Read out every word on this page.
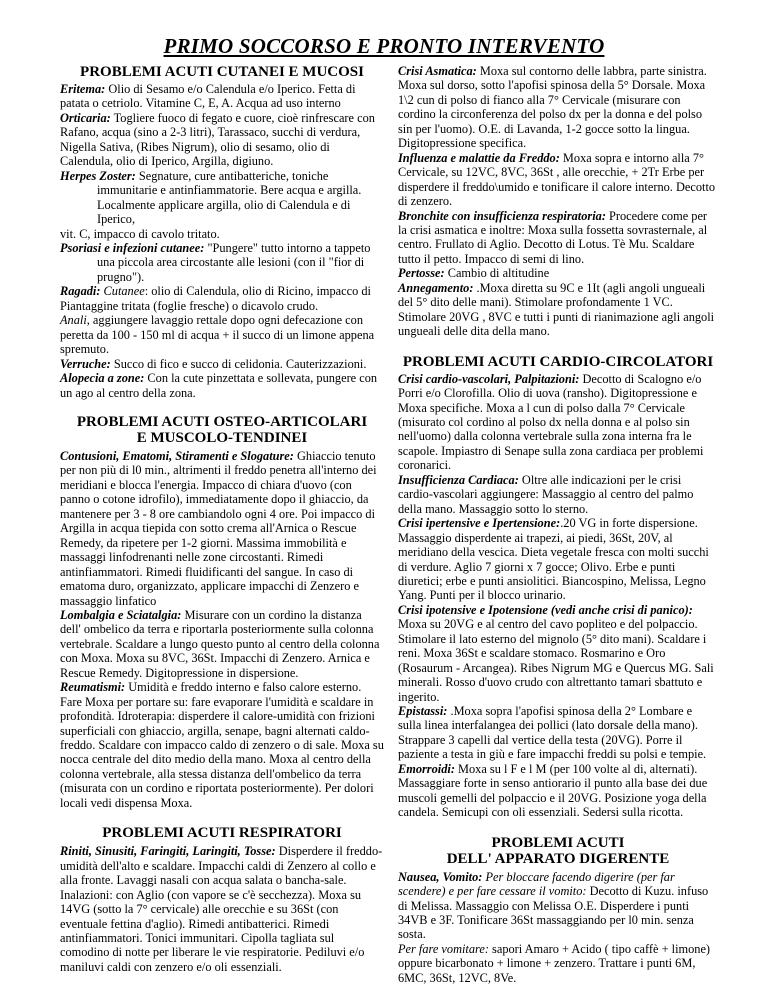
PRIMO SOCCORSO E PRONTO INTERVENTO
PROBLEMI ACUTI CUTANEI E MUCOSI

Eritema: Olio di Sesamo e/o Calendula e/o Iperico. Fetta di patata o cetriolo. Vitamine C, E, A. Acqua ad uso interno

Orticaria: Togliere fuoco di fegato e cuore, cioè rinfrescare con Rafano, acqua (sino a 2-3 litri), Tarassaco, succhi di verdura, Nigella Sativa, (Ribes Nigrum), olio di sesamo, olio di Calendula, olio di Iperico, Argilla, digiuno.

Herpes Zoster: Segnature, cure antibatteriche, toniche

immunitarie e antinfiammatorie. Bere acqua e argilla. Localmente applicare argilla, olio di Calendula e di Iperico,

vit. C, impacco di cavolo tritato.

Psoriasi e infezioni cutanee: "Pungere" tutto intorno a tappeto

una piccola area circostante alle lesioni (con il "fior di prugno").

Ragadi: Cutanee: olio di Calendula, olio di Ricino, impacco di Piantaggine tritata (foglie fresche) o dicavolo crudo.

Anali, aggiungere lavaggio rettale dopo ogni defecazione con peretta da 100 - 150 ml di acqua + il succo di un limone appena spremuto.

Verruche: Succo di fico e succo di celidonia. Cauterizzazioni.

Alopecia a zone: Con la cute pinzettata e sollevata, pungere con un ago al centro della zona.

PROBLEMI ACUTI OSTEO-ARTICOLARI E MUSCOLO-TENDINEI

Contusioni, Ematomi, Stiramenti e Slogature: Ghiaccio tenuto per non più di l0 min., altrimenti il freddo penetra all'interno dei meridiani e blocca l'energia. Impacco di chiara d'uovo (con panno o cotone idrofilo), immediatamente dopo il ghiaccio, da mantenere per 3 - 8 ore cambiandolo ogni 4 ore. Poi impacco di Argilla in acqua tiepida con sotto crema all'Arnica o Rescue Remedy, da ripetere per 1-2 giorni. Massima immobilità e massaggi linfodrenanti nelle zone circostanti. Rimedi antinfiammatori. Rimedi fluidificanti del sangue. In caso di ematoma duro, organizzato, applicare impacchi di Zenzero e massaggio linfatico

Lombalgia e Sciatalgia: Misurare con un cordino la distanza dell' ombelico da terra e riportarla posteriormente sulla colonna vertebrale. Scaldare a lungo questo punto al centro della colonna con Moxa. Moxa su 8VC, 36St. Impacchi di Zenzero. Arnica e Rescue Remedy. Digitopressione in dispersione.

Reumatismi: Umidità e freddo interno e falso calore esterno. Fare Moxa per portare su: fare evaporare l'umidità e scaldare in profondità. Idroterapia: disperdere il calore-umidità con frizioni superficiali con ghiaccio, argilla, senape, bagni alternati caldo-freddo. Scaldare con impacco caldo di zenzero o di sale. Moxa su nocca centrale del dito medio della mano. Moxa al centro della colonna vertebrale, alla stessa distanza dell'ombelico da terra (misurata con un cordino e riportata posteriormente). Per dolori locali vedi dispensa Moxa.

PROBLEMI ACUTI RESPIRATORI

Riniti, Sinusiti, Faringiti, Laringiti, Tosse: Disperdere il freddo-umidità dell'alto e scaldare. Impacchi caldi di Zenzero al collo e alla fronte. Lavaggi nasali con acqua salata o bancha-sale. Inalazioni: con Aglio (con vapore se c'è secchezza). Moxa su 14VG (sotto la 7° cervicale) alle orecchie e su 36St (con eventuale fettina d'aglio). Rimedi antibatterici. Rimedi antinfiammatori. Tonici immunitari. Cipolla tagliata sul comodino di notte per liberare le vie respiratorie. Pediluvi e/o maniluvi caldi con zenzero e/o oli essenziali.

Crisi Asmatica: Moxa sul contorno delle labbra, parte sinistra. Moxa sul dorso, sotto l'apofisi spinosa della 5° Dorsale. Moxa 1\2 cun di polso di fianco alla 7° Cervicale (misurare con cordino la circonferenza del polso dx per la donna e del polso sin per l'uomo). O.E. di Lavanda, 1-2 gocce sotto la lingua. Digitopressione specifica.

Influenza e malattie da Freddo: Moxa sopra e intorno alla 7° Cervicale, su 12VC, 8VC, 36St , alle orecchie, + 2Tr Erbe per disperdere il freddo\umido e tonificare il calore interno. Decotto di zenzero.

Bronchite con insufficienza respiratoria: Procedere come per la crisi asmatica e inoltre: Moxa sulla fossetta sovrasternale, al centro. Frullato di Aglio. Decotto di Lotus. Tè Mu. Scaldare tutto il petto. Impacco di semi di lino.

Pertosse: Cambio di altitudine

Annegamento: .Moxa diretta su 9C e 1It (agli angoli ungueali del 5° dito delle mani). Stimolare profondamente 1 VC. Stimolare 20VG , 8VC e tutti i punti di rianimazione agli angoli ungueali delle dita della mano.

PROBLEMI ACUTI CARDIO-CIRCOLATORI

Crisi cardio-vascolari, Palpitazioni: Decotto di Scalogno e/o Porri e/o Clorofilla. Olio di uova (ransho). Digitopressione e Moxa specifiche. Moxa a l cun di polso dalla 7° Cervicale (misurato col cordino al polso dx nella donna e al polso sin nell'uomo) dalla colonna vertebrale sulla zona interna fra le scapole. Impiastro di Senape sulla zona cardiaca per problemi coronarici.

Insufficienza Cardiaca: Oltre alle indicazioni per le crisi cardio-vascolari aggiungere: Massaggio al centro del palmo della mano. Massaggio sotto lo sterno.

Crisi ipertensive e Ipertensione:.20 VG in forte dispersione. Massaggio disperdente ai trapezi, ai piedi, 36St, 20V, al meridiano della vescica. Dieta vegetale fresca con molti succhi di verdure. Aglio 7 giorni x 7 gocce; Olivo. Erbe e punti diuretici; erbe e punti ansiolitici. Biancospino, Melissa, Legno Yang. Punti per il blocco urinario.

Crisi ipotensive e Ipotensione (vedi anche crisi di panico): Moxa su 20VG e al centro del cavo popliteo e del polpaccio. Stimolare il lato esterno del mignolo (5° dito mani). Scaldare i reni. Moxa 36St e scaldare stomaco. Rosmarino e Oro (Rosaurum - Arcangea). Ribes Nigrum MG e Quercus MG. Sali minerali. Rosso d'uovo crudo con altrettanto tamari sbattuto e ingerito.

Epistassi: .Moxa sopra l'apofisi spinosa della 2° Lombare e sulla linea interfalangea dei pollici (lato dorsale della mano). Strappare 3 capelli dal vertice della testa (20VG). Porre il paziente a testa in giù e fare impacchi freddi su polsi e tempie.

Emorroidi: Moxa su l F e l M (per 100 volte al di, alternati). Massaggiare forte in senso antiorario il punto alla base dei due muscoli gemelli del polpaccio e il 20VG. Posizione yoga della candela. Semicupi con oli essenziali. Sedersi sulla ricotta.

PROBLEMI ACUTI
DELL' APPARATO DIGERENTE

Nausea, Vomito: Per bloccare facendo digerire (per far scendere) e per fare cessare il vomito: Decotto di Kuzu. infuso di Melissa. Massaggio con Melissa O.E. Disperdere i punti 34VB e 3F. Tonificare 36St massaggiando per l0 min. senza sosta.

Per fare vomitare: sapori Amaro + Acido ( tipo caffè + limone) oppure bicarbonato + limone + zenzero. Trattare i punti 6M, 6MC, 36St, 12VC, 8Ve.
